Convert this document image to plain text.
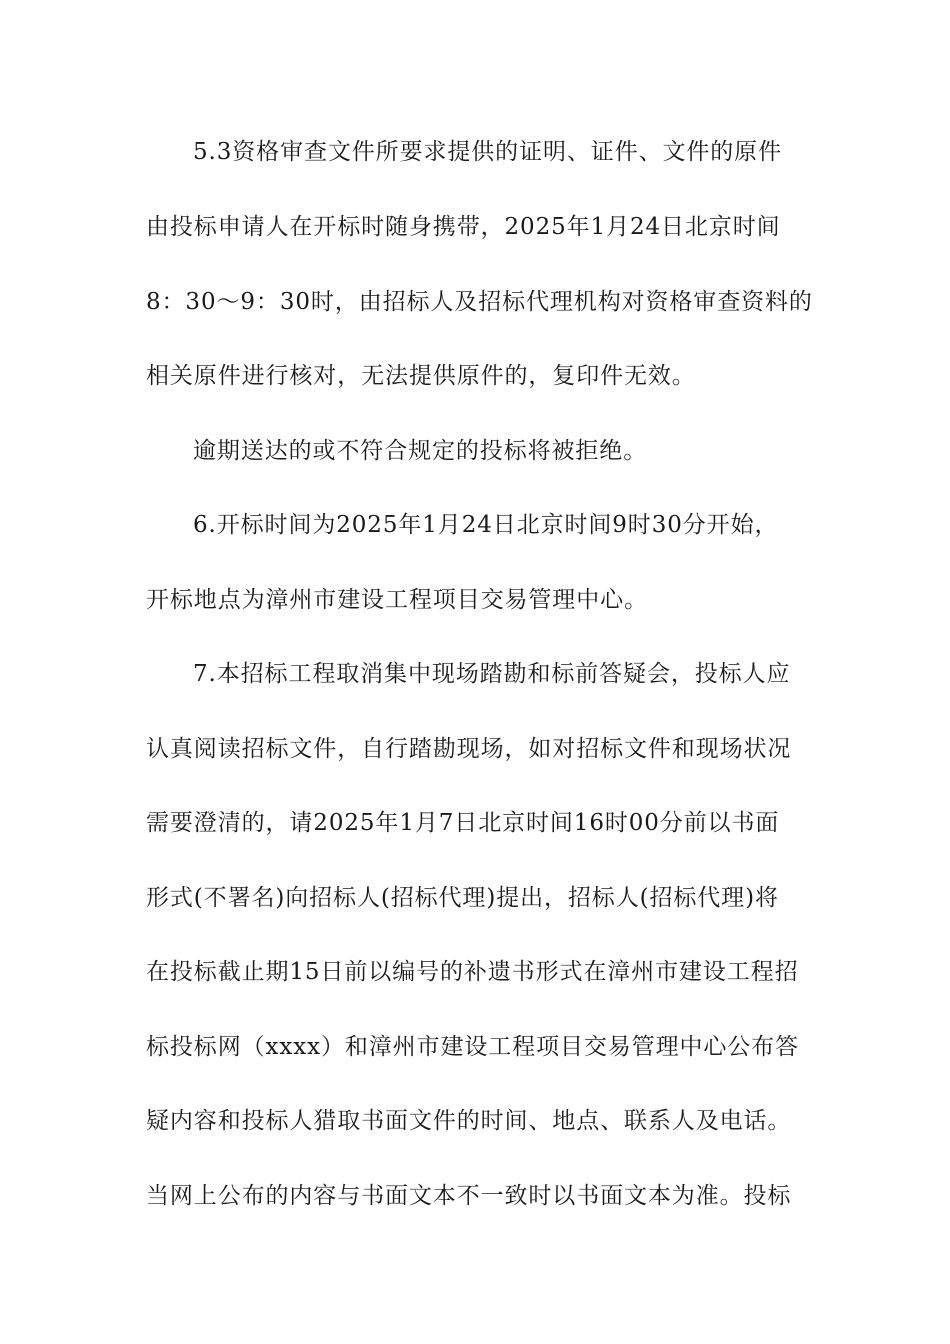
5.3资格审查文件所要求提供的证明、证件、文件的原件
由投标申请人在开标时随身携带，2025年1月24日北京时间
8：30～9：30时，由招标人及招标代理机构对资格审查资料的
相关原件进行核对，无法提供原件的，复印件无效。
逾期送达的或不符合规定的投标将被拒绝。
6.开标时间为2025年1月24日北京时间9时30分开始，
开标地点为漳州市建设工程项目交易管理中心。
7.本招标工程取消集中现场踏勘和标前答疑会，投标人应
认真阅读招标文件，自行踏勘现场，如对招标文件和现场状况
需要澄清的，请2025年1月7日北京时间16时00分前以书面
形式(不署名)向招标人(招标代理)提出，招标人(招标代理)将
在投标截止期15日前以编号的补遗书形式在漳州市建设工程招
标投标网（xxxx）和漳州市建设工程项目交易管理中心公布答
疑内容和投标人猎取书面文件的时间、地点、联系人及电话。
当网上公布的内容与书面文本不一致时以书面文本为准。投标
